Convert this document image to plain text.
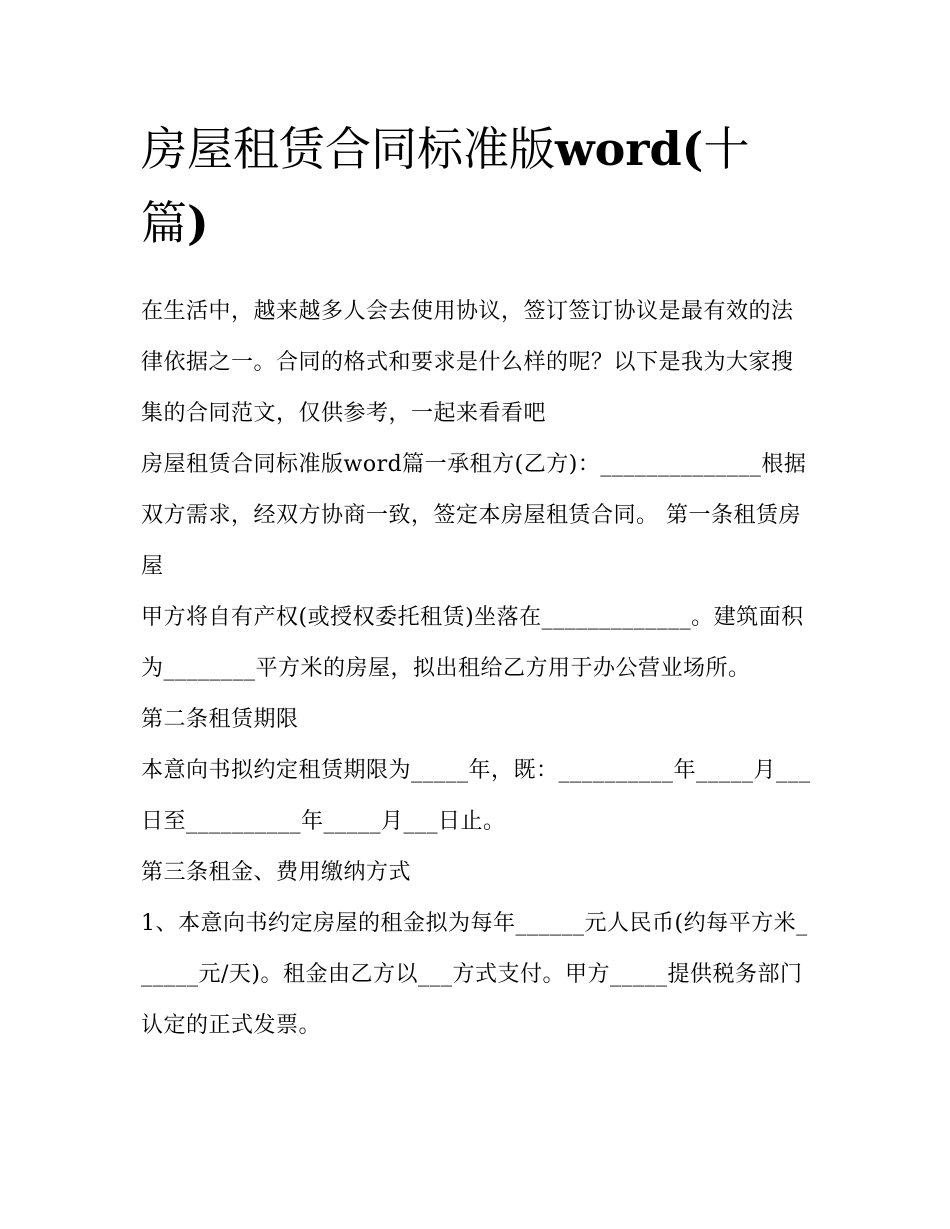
房屋租赁合同标准版word(十篇)

在生活中，越来越多人会去使用协议，签订签订协议是最有效的法律依据之一。合同的格式和要求是什么样的呢？以下是我为大家搜集的合同范文，仅供参考，一起来看看吧

房屋租赁合同标准版word篇一承租方(乙方)：______________根据双方需求，经双方协商一致，签定本房屋租赁合同。 第一条租赁房屋

甲方将自有产权(或授权委托租赁)坐落在_____________。建筑面积为________平方米的房屋，拟出租给乙方用于办公营业场所。

第二条租赁期限

本意向书拟约定租赁期限为_____年，既：__________年_____月___日至__________年_____月___日止。

第三条租金、费用缴纳方式

1、本意向书约定房屋的租金拟为每年______元人民币(约每平方米______元/天)。租金由乙方以___方式支付。甲方_____提供税务部门认定的正式发票。
